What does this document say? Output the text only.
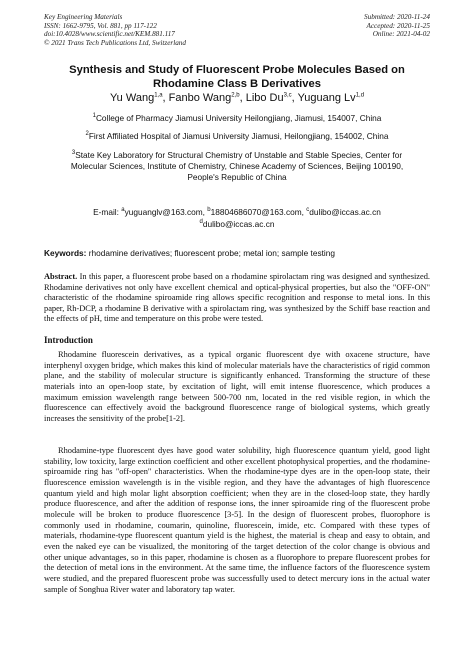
Key Engineering Materials
ISSN: 1662-9795, Vol. 881, pp 117-122
doi:10.4028/www.scientific.net/KEM.881.117
© 2021 Trans Tech Publications Ltd, Switzerland
Submitted: 2020-11-24
Accepted: 2020-11-25
Online: 2021-04-02
Synthesis and Study of Fluorescent Probe Molecules Based on
Rhodamine Class B Derivatives
Yu Wang$^{1,a}$, Fanbo Wang$^{2,b}$, Libo Du$^{3,c}$, Yuguang Lv$^{1,d}$
$^1$College of Pharmacy Jiamusi University Heilongjiang, Jiamusi, 154007, China
$^2$First Affiliated Hospital of Jiamusi University Jiamusi, Heilongjiang, 154002, China
$^3$State Key Laboratory for Structural Chemistry of Unstable and Stable Species, Center for
Molecular Sciences, Institute of Chemistry, Chinese Academy of Sciences, Beijing 100190,
People's Republic of China
E-mail: $^a$yuguanglv@163.com, $^b$18804686070@163.com, $^c$dulibo@iccas.ac.cn
$^d$dulibo@iccas.ac.cn
Keywords: rhodamine derivatives; fluorescent probe; metal ion; sample testing
Abstract. In this paper, a fluorescent probe based on a rhodamine spirolactam ring was designed and synthesized. Rhodamine derivatives not only have excellent chemical and optical-physical properties, but also the "OFF-ON" characteristic of the rhodamine spiroamide ring allows specific recognition and response to metal ions. In this paper, Rh-DCP, a rhodamine B derivative with a spirolactam ring, was synthesized by the Schiff base reaction and the effects of pH, time and temperature on this probe were tested.
Introduction
Rhodamine fluorescein derivatives, as a typical organic fluorescent dye with oxacene structure, have interphenyl oxygen bridge, which makes this kind of molecular materials have the characteristics of rigid common plane, and the stability of molecular structure is significantly enhanced. Transforming the structure of these materials into an open-loop state, by excitation of light, will emit intense fluorescence, which produces a maximum emission wavelength range between 500-700 nm, located in the red visible region, in which the fluorescence can effectively avoid the background fluorescence range of biological systems, which greatly increases the sensitivity of the probe[1-2].
Rhodamine-type fluorescent dyes have good water solubility, high fluorescence quantum yield, good light stability, low toxicity, large extinction coefficient and other excellent photophysical properties, and the rhodamine-spiroamide ring has "off-open" characteristics. When the rhodamine-type dyes are in the open-loop state, their fluorescence emission wavelength is in the visible region, and they have the advantages of high fluorescence quantum yield and high molar light absorption coefficient; when they are in the closed-loop state, they hardly produce fluorescence, and after the addition of response ions, the inner spiroamide ring of the fluorescent probe molecule will be broken to produce fluorescence [3-5]. In the design of fluorescent probes, fluorophore is commonly used in rhodamine, coumarin, quinoline, fluorescein, imide, etc. Compared with these types of materials, rhodamine-type fluorescent quantum yield is the highest, the material is cheap and easy to obtain, and even the naked eye can be visualized, the monitoring of the target detection of the color change is obvious and other unique advantages, so in this paper, rhodamine is chosen as a fluorophore to prepare fluorescent probes for the detection of metal ions in the environment. At the same time, the influence factors of the fluorescence system were studied, and the prepared fluorescent probe was successfully used to detect mercury ions in the actual water sample of Songhua River water and laboratory tap water.
